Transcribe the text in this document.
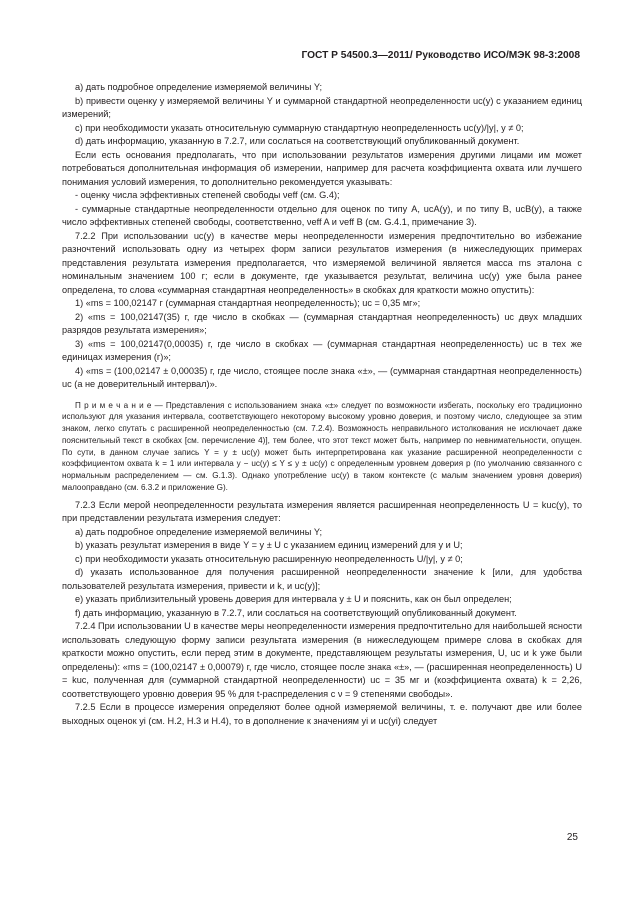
ГОСТ Р 54500.3—2011/ Руководство ИСО/МЭК 98-3:2008

а) дать подробное определение измеряемой величины Y;

b) привести оценку y измеряемой величины Y и суммарной стандартной неопределенности uc(y) с указанием единиц измерений;

c) при необходимости указать относительную суммарную стандартную неопределенность uc(y)/|y|, y ≠ 0;

d) дать информацию, указанную в 7.2.7, или сослаться на соответствующий опубликованный документ.

Если есть основания предполагать, что при использовании результатов измерения другими лицами им может потребоваться дополнительная информация об измерении, например для расчета коэффициента охвата или лучшего понимания условий измерения, то дополнительно рекомендуется указывать:

- оценку числа эффективных степеней свободы νeff (см. G.4);

- суммарные стандартные неопределенности отдельно для оценок по типу А, ucA(y), и по типу В, ucB(y), а также число эффективных степеней свободы, соответственно, νeff A и νeff B (см. G.4.1, примечание 3).

7.2.2 При использовании uc(y) в качестве меры неопределенности измерения предпочтительно во избежание разночтений использовать одну из четырех форм записи результатов измерения (в нижеследующих примерах представления результата измерения предполагается, что измеряемой величиной является масса ms эталона с номинальным значением 100 г; если в документе, где указывается результат, величина uc(y) уже была ранее определена, то слова «суммарная стандартная неопределенность» в скобках для краткости можно опустить):

1) «ms = 100,02147 г (суммарная стандартная неопределенность); uc = 0,35 мг»;

2) «ms = 100,02147(35) г, где число в скобках — (суммарная стандартная неопределенность) uc двух младших разрядов результата измерения»;

3) «ms = 100,02147(0,00035) г, где число в скобках — (суммарная стандартная неопределенность) uc в тех же единицах измерения (г)»;

4) «ms = (100,02147 ± 0,00035) г, где число, стоящее после знака «±», — (суммарная стандартная неопределенность) uc (а не доверительный интервал)».

П р и м е ч а н и е — Представления с использованием знака «±» следует по возможности избегать, поскольку его традиционно используют для указания интервала, соответствующего некоторому высокому уровню доверия, и поэтому число, следующее за этим знаком, легко спутать с расширенной неопределенностью (см. 7.2.4). Возможность неправильного истолкования не исключает даже пояснительный текст в скобках [см. перечисление 4)], тем более, что этот текст может быть, например по невнимательности, опущен. По сути, в данном случае запись Y = y ± uc(y) может быть интерпретирована как указание расширенной неопределенности с коэффициентом охвата k = 1 или интервала y − uc(y) ≤ Y ≤ y ± uc(y) с определенным уровнем доверия p (по умолчанию связанного с нормальным распределением — см. G.1.3). Однако употребление uc(y) в таком контексте (с малым значением уровня доверия) малооправдано (см. 6.3.2 и приложение G).

7.2.3 Если мерой неопределенности результата измерения является расширенная неопределенность U = kuc(y), то при представлении результата измерения следует:

а) дать подробное определение измеряемой величины Y;

b) указать результат измерения в виде Y = y ± U с указанием единиц измерений для y и U;

c) при необходимости указать относительную расширенную неопределенность U/|y|, y ≠ 0;

d) указать использованное для получения расширенной неопределенности значение k [или, для удобства пользователей результата измерения, привести и k, и uc(y)];

e) указать приблизительный уровень доверия для интервала y ± U и пояснить, как он был определен;

f) дать информацию, указанную в 7.2.7, или сослаться на соответствующий опубликованный документ.

7.2.4 При использовании U в качестве меры неопределенности измерения предпочтительно для наибольшей ясности использовать следующую форму записи результата измерения (в нижеследующем примере слова в скобках для краткости можно опустить, если перед этим в документе, представляющем результаты измерения, U, uc и k уже были определены): «ms = (100,02147 ± 0,00079) г, где число, стоящее после знака «±», — (расширенная неопределенность) U = kuc, полученная для (суммарной стандартной неопределенности) uc = 35 мг и (коэффициента охвата) k = 2,26, соответствующего уровню доверия 95 % для t-распределения с ν = 9 степенями свободы».

7.2.5 Если в процессе измерения определяют более одной измеряемой величины, т. е. получают две или более выходных оценок yi (см. H.2, H.3 и H.4), то в дополнение к значениям yi и uc(yi) следует

25
